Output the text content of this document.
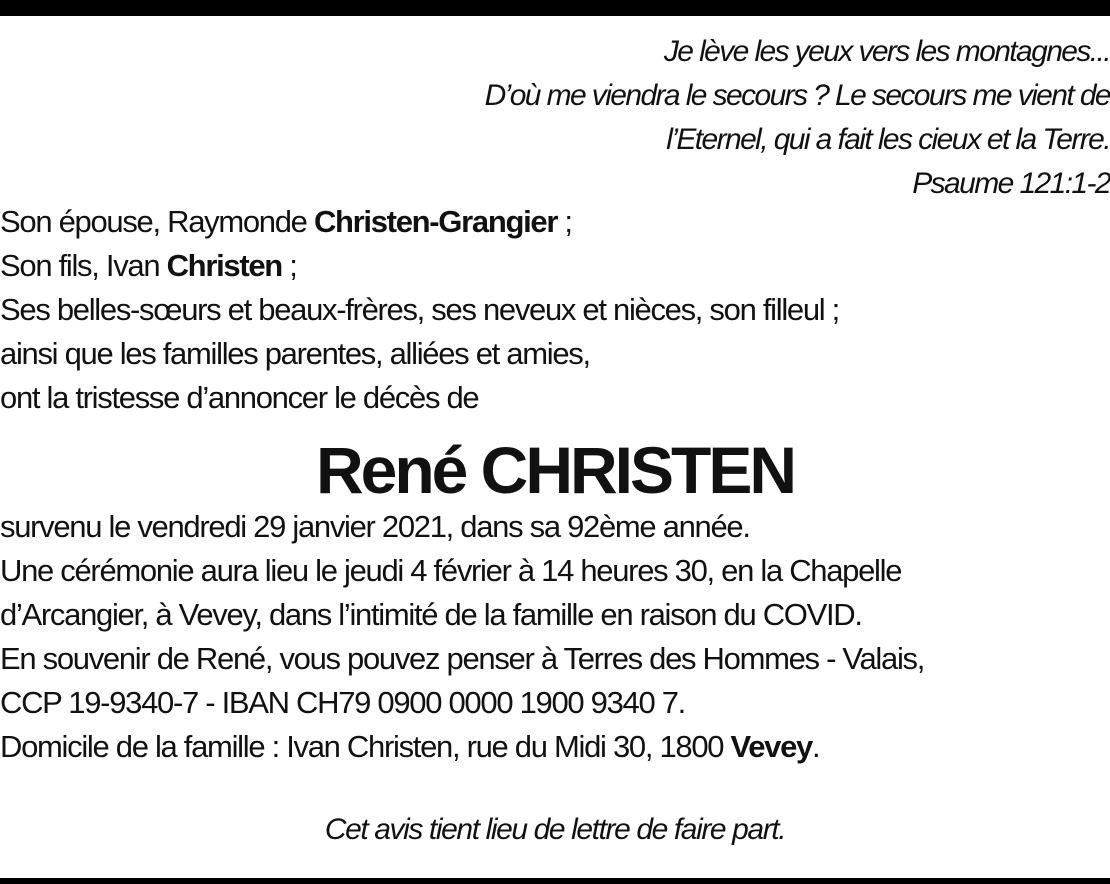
Je lève les yeux vers les montagnes...
D’où me viendra le secours ? Le secours me vient de
l’Eternel, qui a fait les cieux et la Terre.
Psaume 121:1-2
Son épouse, Raymonde Christen-Grangier ;
Son fils, Ivan Christen ;
Ses belles-sœurs et beaux-frères, ses neveux et nièces, son filleul ;
ainsi que les familles parentes, alliées et amies,
ont la tristesse d’annoncer le décès de
René CHRISTEN
survenu le vendredi 29 janvier 2021, dans sa 92ème année.
Une cérémonie aura lieu le jeudi 4 février à 14 heures 30, en la Chapelle
d’Arcangier, à Vevey, dans l’intimité de la famille en raison du COVID.
En souvenir de René, vous pouvez penser à Terres des Hommes - Valais,
CCP 19-9340-7 - IBAN CH79 0900 0000 1900 9340 7.
Domicile de la famille : Ivan Christen, rue du Midi 30, 1800 Vevey.
Cet avis tient lieu de lettre de faire part.
